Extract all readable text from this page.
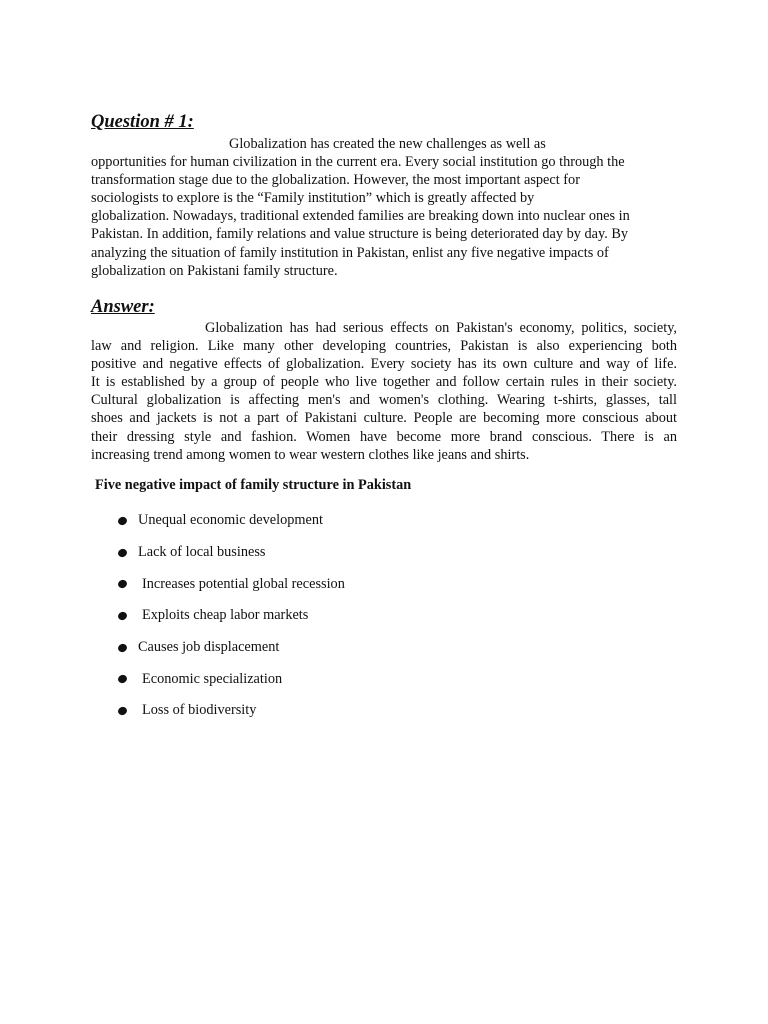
Question # 1:
Globalization has created the new challenges as well as
opportunities for human civilization in the current era. Every social institution go through the
transformation stage due to the globalization. However, the most important aspect for
sociologists to explore is the “Family institution” which is greatly affected by
globalization. Nowadays, traditional extended families are breaking down into nuclear ones in
Pakistan. In addition, family relations and value structure is being deteriorated day by day. By
analyzing the situation of family institution in Pakistan, enlist any five negative impacts of
globalization on Pakistani family structure.
Answer:
Globalization has had serious effects on Pakistan's economy, politics, society,
law and religion. Like many other developing countries, Pakistan is also experiencing both
positive and negative effects of globalization. Every society has its own culture and way of life.
It is established by a group of people who live together and follow certain rules in their society.
Cultural globalization is affecting men's and women's clothing. Wearing t-shirts, glasses, tall
shoes and jackets is not a part of Pakistani culture. People are becoming more conscious about
their dressing style and fashion. Women have become more brand conscious. There is an
increasing trend among women to wear western clothes like jeans and shirts.
Five negative impact of family structure in Pakistan
Unequal economic development
Lack of local business
Increases potential global recession
Exploits cheap labor markets
Causes job displacement
Economic specialization
Loss of biodiversity
